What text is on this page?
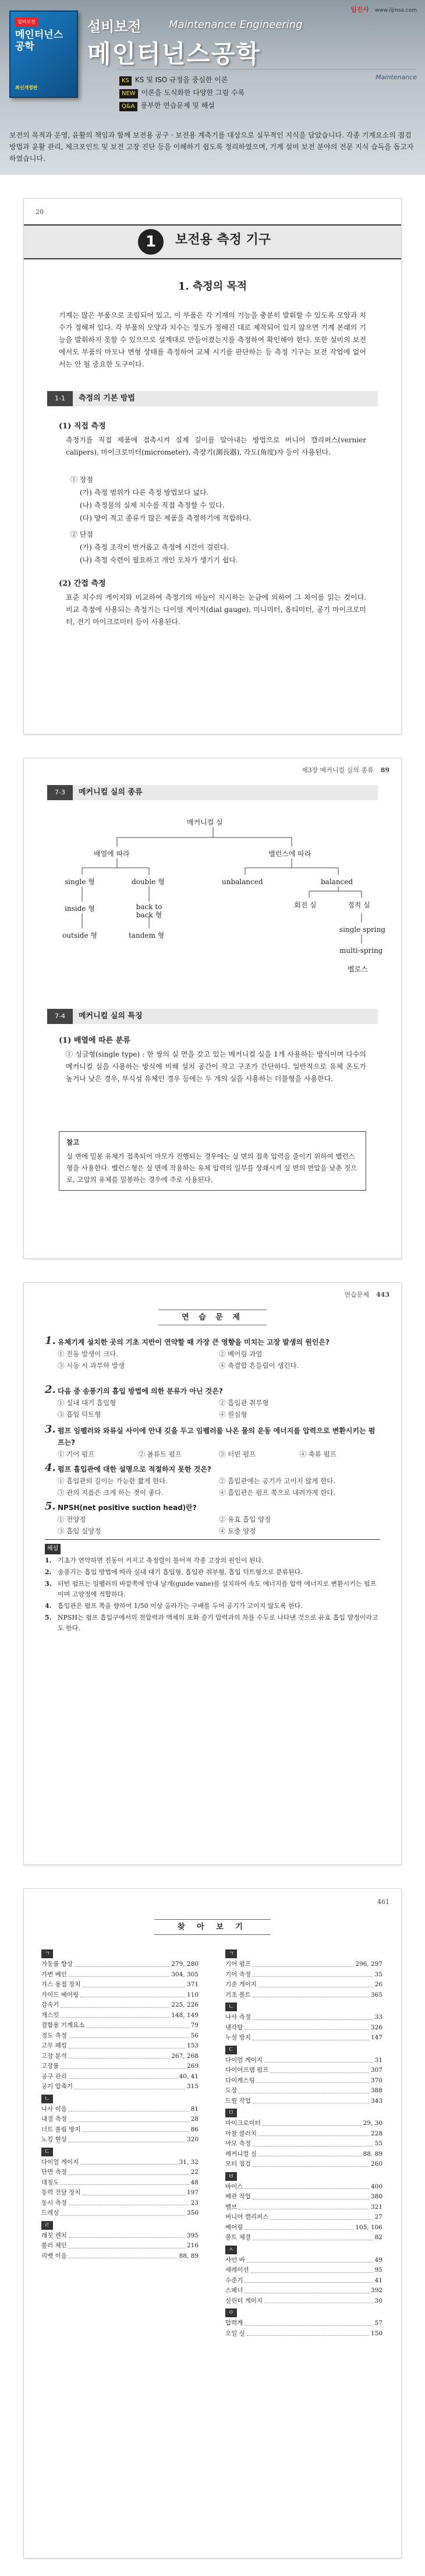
일진사 www.iljinsa.com
설비보전
메인터넌스 공학
최신개정판
설비보전	Maintenance Engineering
메인터넌스공학
Maintenance
KS KS 및 ISO 규정을 중심한 이론
NEW 이론을 도식화한 다양한 그림 수록
Q&A 풍부한 연습문제 및 해설
보전의 목적과 운영, 윤활의 책임과 함께 보전용 공구 · 보전용 계측기를 대상으로 실무적인 지식을 담았습니다. 각종 기계요소의 점검 방법과 윤활 관리, 체크포인트 및 보전 고장 진단 등을 이해하기 쉽도록 정리하였으며, 기계 설비 보전 분야의 전문 지식 습득을 돕고자 하였습니다.
20
1	보전용 측정 기구
1. 측정의 목적
기계는 많은 부품으로 조립되어 있고, 이 부품은 각 기계의 기능을 충분히 발휘할 수 있도록 모양과 치수가 정해져 있다. 각 부품의 모양과 치수는 정도가 정해진 대로 제작되어 있지 않으면 기계 본래의 기능을 발휘하지 못할 수 있으므로 설계대로 만들어졌는지를 측정하여 확인해야 한다. 또한 설비의 보전에서도 부품의 마모나 변형 상태를 측정하여 교체 시기를 판단하는 등 측정 기구는 보전 작업에 없어서는 안 될 중요한 도구이다.
1-1 측정의 기본 방법
(1) 직접 측정
측정기를 직접 제품에 접촉시켜 실제 길이를 알아내는 방법으로 버니어 캘리퍼스(vernier calipers), 마이크로미터(micrometer), 측장기(測長器), 각도(角度)자 등이 사용된다.
① 장점
(가) 측정 범위가 다른 측정 방법보다 넓다.
(나) 측정물의 실제 치수를 직접 측정할 수 있다.
(다) 양이 적고 종류가 많은 제품을 측정하기에 적합하다.
② 단점
(가) 측정 조작이 번거롭고 측정에 시간이 걸린다.
(나) 측정 숙련이 필요하고 개인 오차가 생기기 쉽다.
(2) 간접 측정
표준 치수의 게이지와 비교하여 측정기의 바늘이 지시하는 눈금에 의하여 그 차이를 읽는 것이다. 비교 측정에 사용되는 측정기는 다이얼 게이지(dial gauge), 미니미터, 옵티미터, 공기 마이크로미터, 전기 마이크로미터 등이 사용된다.
제3장 메커니컬 실의 종류 89
7-3 메커니컬 실의 종류
메커니컬 실
배열에 따라	밸런스에 따라
single 형	double 형
inside 형	back to back 형
outside 형	tandem 형
unbalanced	balanced
회전 실	정적 실
single spring
multi-spring
벨로스
7-4 메커니컬 실의 특징
(1) 배열에 따른 분류
① 싱글형(single type) : 한 쌍의 실 면을 갖고 있는 메커니컬 실을 1개 사용하는 방식이며 다수의 메커니컬 실을 사용하는 방식에 비해 설치 공간이 작고 구조가 간단하다. 일반적으로 유체 온도가 높거나 낮은 경우, 부식성 유체인 경우 등에는 두 개의 실을 사용하는 더블형을 사용한다.
참고
실 면에 밀봉 유체가 접촉되어 마모가 진행되는 경우에는 실 면의 접촉 압력을 줄이기 위하여 밸런스형을 사용한다. 밸런스형은 실 면에 작용하는 유체 압력의 일부를 상쇄시켜 실 면의 면압을 낮춘 것으로, 고압의 유체를 밀봉하는 경우에 주로 사용된다.
연습문제 443
연 습 문 제
1. 유체기계 설치한 곳의 기초 지반이 연약할 때 가장 큰 영향을 미치는 고장 발생의 원인은?
① 진동 발생이 크다.	② 베어링 과열
③ 시동 시 과부하 발생	④ 축결합 흔들림이 생긴다.
2. 다음 중 송풍기의 흡입 방법에 의한 분류가 아닌 것은?
① 실내 대기 흡입형	② 흡입관 취부형
③ 흡입 덕트형	④ 원심형
3. 펌프 임펠러와 와류실 사이에 안내 깃을 두고 임펠러를 나온 물의 운동 에너지를 압력으로 변환시키는 펌프는?
① 기어 펌프	② 볼류트 펌프	③ 터빈 펌프	④ 축류 펌프
4. 펌프 흡입관에 대한 설명으로 적절하지 못한 것은?
① 흡입관의 길이는 가능한 짧게 한다.	② 흡입관에는 공기가 고이지 않게 한다.
③ 관의 지름은 크게 하는 것이 좋다.	④ 흡입관은 펌프 쪽으로 내려가게 한다.
5. NPSH(net positive suction head)란?
① 전양정	② 유효 흡입 양정
③ 흡입 실양정	④ 토출 양정
해설
1. 기초가 연약하면 진동이 커지고 축정렬이 틀어져 각종 고장의 원인이 된다.
2. 송풍기는 흡입 방법에 따라 실내 대기 흡입형, 흡입관 취부형, 흡입 덕트형으로 분류된다.
3. 터빈 펌프는 임펠러의 바깥쪽에 안내 날개(guide vane)를 설치하여 속도 에너지를 압력 에너지로 변환시키는 펌프이며 고양정에 적합하다.
4. 흡입관은 펌프 쪽을 향하여 1/50 이상 올라가는 구배를 두어 공기가 고이지 않도록 한다.
5. NPSH는 펌프 흡입구에서의 전압력과 액체의 포화 증기 압력과의 차를 수두로 나타낸 것으로 유효 흡입 양정이라고도 한다.
461
찾 아 보 기
ㄱ

가동률 향상	279, 280
가변 베인	304, 305
가스 용접 장치	371
가이드 베어링	110
감속기	225, 226
개스킷	148, 149
결합용 기계요소	79
경도 측정	56
고무 패킹	153
고장 분석	267, 268
고장률	269
공구 관리	40, 41
공기 압축기	315
ㄴ

나사 이음	81
내경 측정	28
너트 풀림 방지	86
노킹 현상	320
ㄷ

다이얼 게이지	31, 32
단면 측정	22
대칭도	48
동력 전달 장치	197
동시 측정	23
드레싱	350
ㄹ

래칫 렌치	395
롤러 체인	216
리벳 이음	88, 89
ㄱ

기어 펌프	296, 297
기어 측정	35
기준 게이지	26
기초 볼트	365
ㄴ

나사 측정	33
냉각탑	326
누설 방지	147
ㄷ

다이얼 게이지	31
다이어프램 펌프	307
다이캐스팅	370
도장	388
드릴 작업	343
ㅁ

마이크로미터	29, 30
마찰 클러치	228
마모 측정	55
메커니컬 실	88, 89
모터 점검	260
ㅂ

바이스	400
배관 작업	380
밸브	321
버니어 캘리퍼스	27
베어링	105, 106
볼트 체결	82
ㅅ

사인 바	49
세레이션	95
수준기	41
스패너	392
실린더 게이지	30
ㅇ

압력계	57
오일 실	150
